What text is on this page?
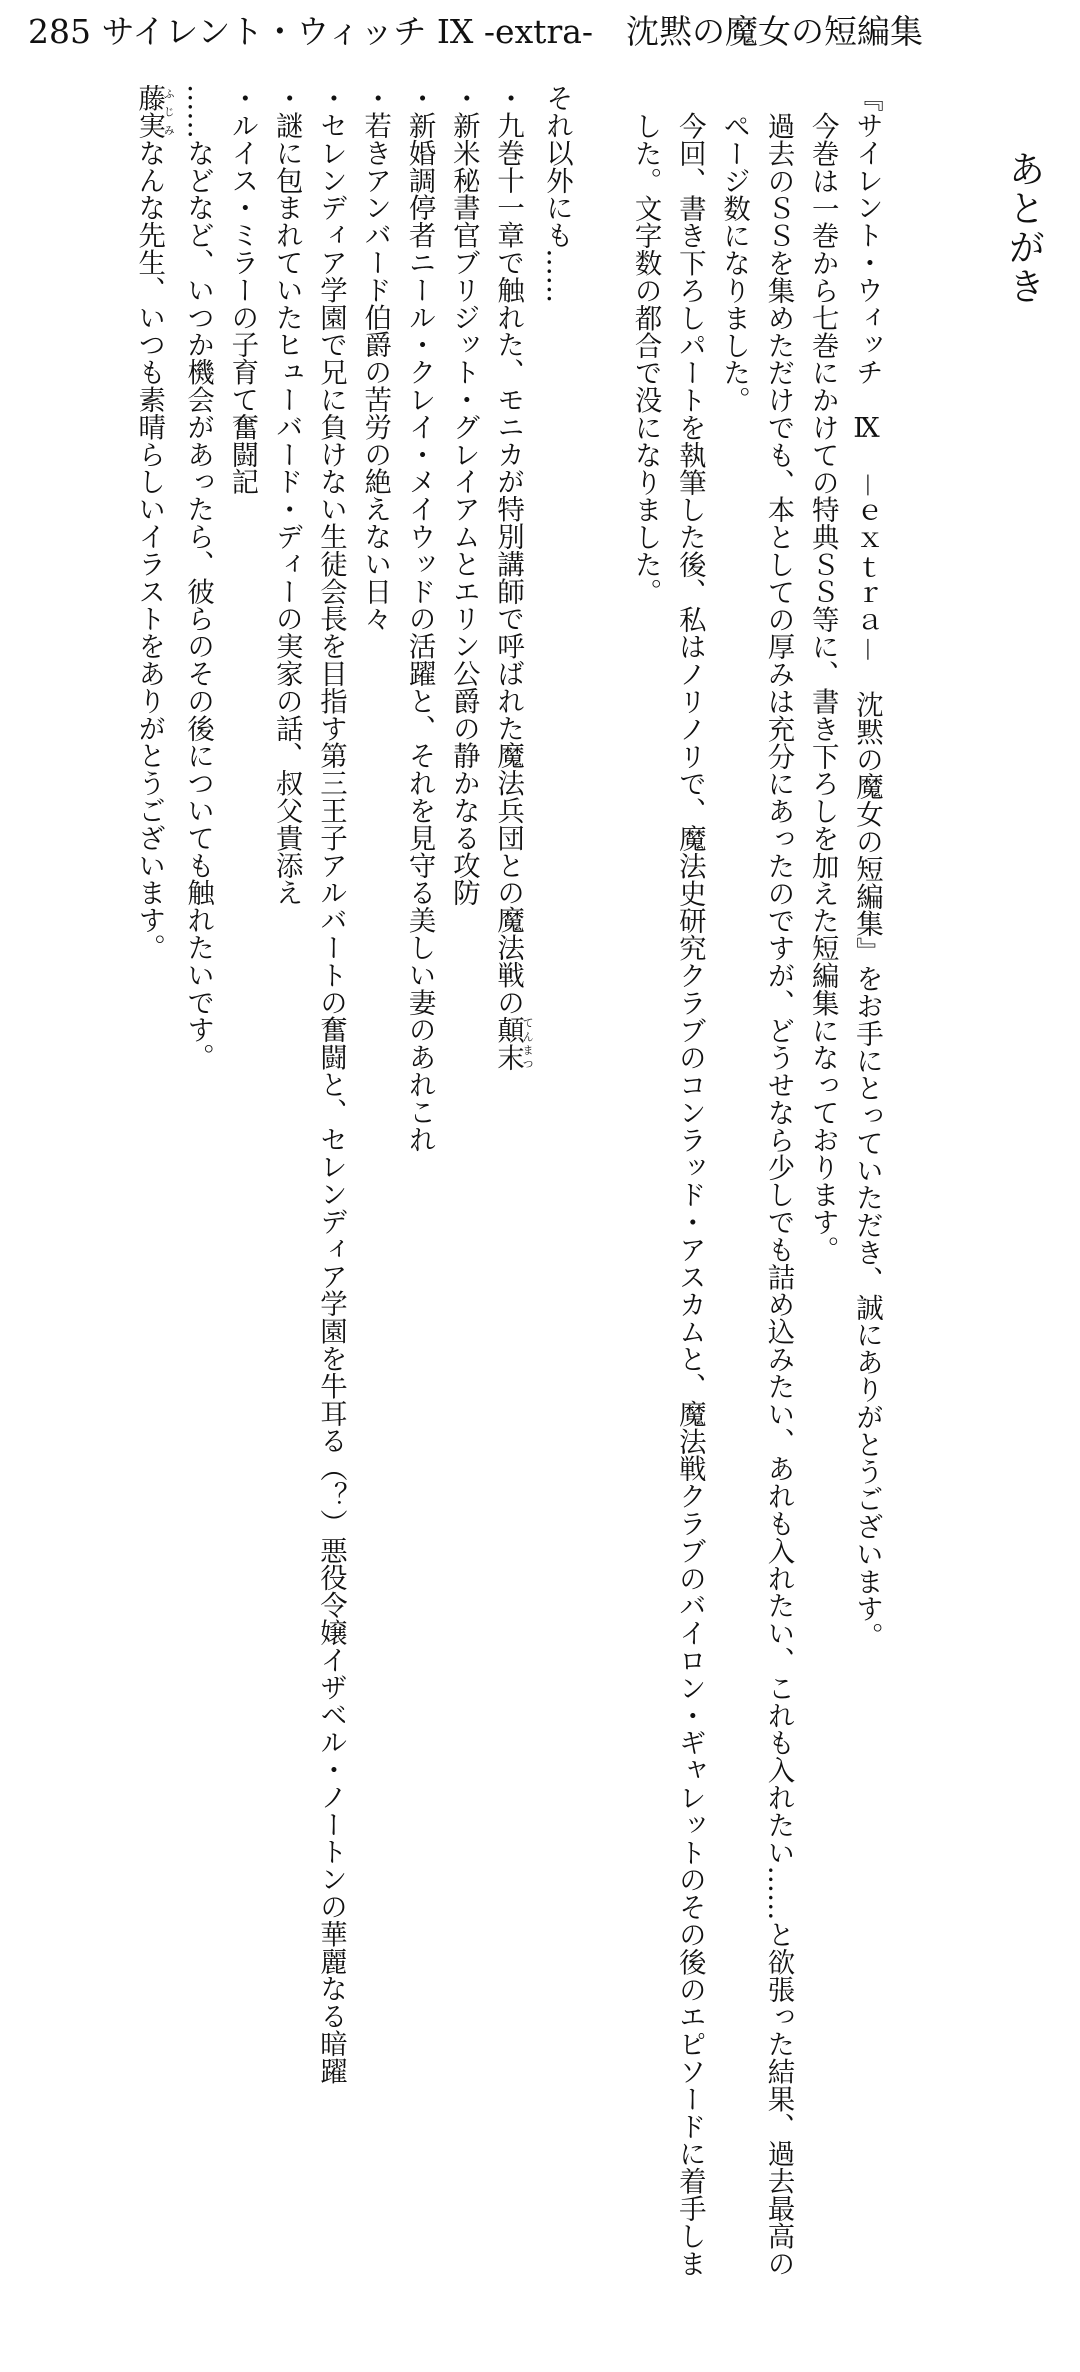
285 サイレント・ウィッチ IX -extra-　沈黙の魔女の短編集
あとがき

『サイレント・ウィッチ　Ⅸ　－ｅｘｔｒａ－　沈黙の魔女の短編集』をお手にとっていただき、誠にありがとうございます。

今巻は一巻から七巻にかけての特典ＳＳ等に、書き下ろしを加えた短編集になっております。

過去のＳＳを集めただけでも、本としての厚みは充分にあったのですが、どうせなら少しでも詰め込みたい、あれも入れたい、これも入れたい……と欲張った結果、過去最高のページ数になりました。

今回、書き下ろしパートを執筆した後、私はノリノリで、魔法史研究クラブのコンラッド・アスカムと、魔法戦クラブのバイロン・ギャレットのその後のエピソードに着手しました。文字数の都合で没になりました。

それ以外にも……

・九巻十一章で触れた、モニカが特別講師で呼ばれた魔法兵団との魔法戦の顛末てんまつ

・新米秘書官ブリジット・グレイアムとエリン公爵の静かなる攻防

・新婚調停者ニール・クレイ・メイウッドの活躍と、それを見守る美しい妻のあれこれ

・若きアンバード伯爵の苦労の絶えない日々

・セレンディア学園で兄に負けない生徒会長を目指す第三王子アルバートの奮闘と、セレンディア学園を牛耳る（？）悪役令嬢イザベル・ノートンの華麗なる暗躍

・謎に包まれていたヒューバード・ディーの実家の話、叔父貴添え

・ルイス・ミラーの子育て奮闘記

……などなど、いつか機会があったら、彼らのその後についても触れたいです。

藤実ふじみなんな先生、いつも素晴らしいイラストをありがとうございます。
